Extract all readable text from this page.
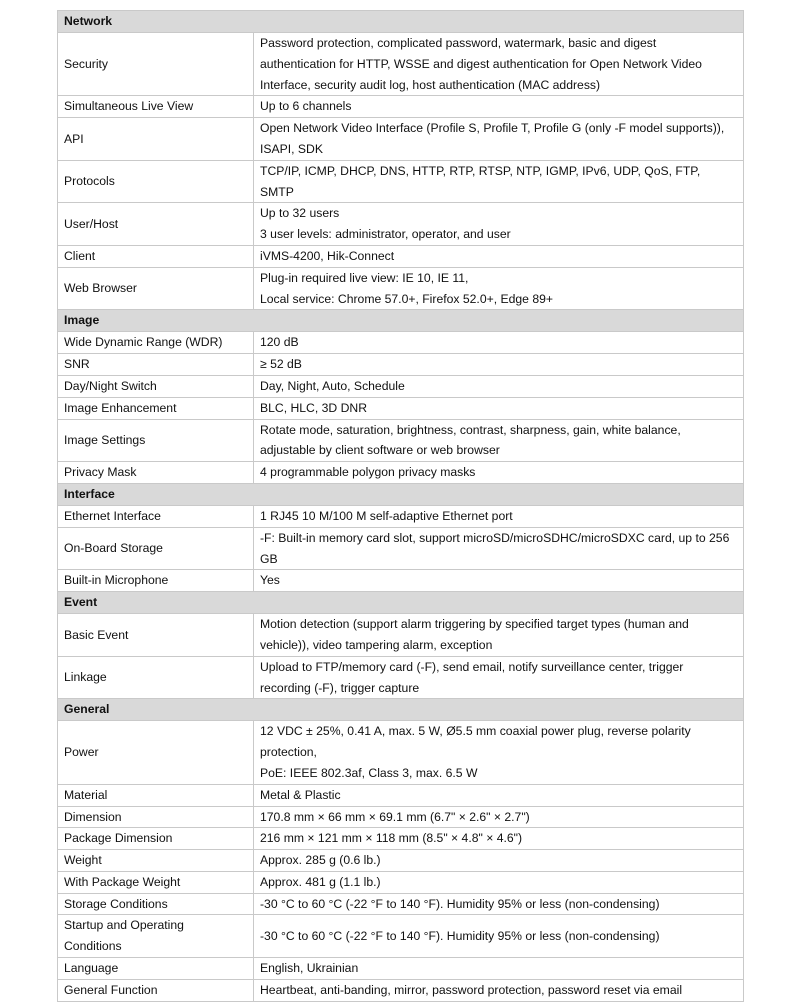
Network	
Security	Password protection, complicated password, watermark, basic and digest
authentication for HTTP, WSSE and digest authentication for Open Network Video
Interface, security audit log, host authentication (MAC address)

Simultaneous Live View	Up to 6 channels

API	Open Network Video Interface (Profile S, Profile T, Profile G (only -F model supports)),
ISAPI, SDK

Protocols	TCP/IP, ICMP, DHCP, DNS, HTTP, RTP, RTSP, NTP, IGMP, IPv6, UDP, QoS, FTP, SMTP

User/Host	Up to 32 users
3 user levels: administrator, operator, and user

Client	iVMS-4200, Hik-Connect

Web Browser	Plug-in required live view: IE 10, IE 11,
Local service: Chrome 57.0+, Firefox 52.0+, Edge 89+

Image	
Wide Dynamic Range (WDR)	120 dB

SNR	≥ 52 dB

Day/Night Switch	Day, Night, Auto, Schedule

Image Enhancement	BLC, HLC, 3D DNR

Image Settings	Rotate mode, saturation, brightness, contrast, sharpness, gain, white balance,
adjustable by client software or web browser

Privacy Mask	4 programmable polygon privacy masks

Interface	
Ethernet Interface	1 RJ45 10 M/100 M self-adaptive Ethernet port

On-Board Storage	-F: Built-in memory card slot, support microSD/microSDHC/microSDXC card, up to 256
GB

Built-in Microphone	Yes

Event	
Basic Event	Motion detection (support alarm triggering by specified target types (human and
vehicle)), video tampering alarm, exception

Linkage	Upload to FTP/memory card (-F), send email, notify surveillance center, trigger
recording (-F), trigger capture

General	
Power	12 VDC ± 25%, 0.41 A, max. 5 W, Ø5.5 mm coaxial power plug, reverse polarity
protection,
PoE: IEEE 802.3af, Class 3, max. 6.5 W

Material	Metal & Plastic

Dimension	170.8 mm × 66 mm × 69.1 mm (6.7" × 2.6" × 2.7")

Package Dimension	216 mm × 121 mm × 118 mm (8.5" × 4.8" × 4.6")

Weight	Approx. 285 g (0.6 lb.)

With Package Weight	Approx. 481 g (1.1 lb.)

Storage Conditions	-30 °C to 60 °C (-22 °F to 140 °F). Humidity 95% or less (non-condensing)

Startup and Operating
Conditions	-30 °C to 60 °C (-22 °F to 140 °F). Humidity 95% or less (non-condensing)

Language	English, Ukrainian

General Function	Heartbeat, anti-banding, mirror, password protection, password reset via email
